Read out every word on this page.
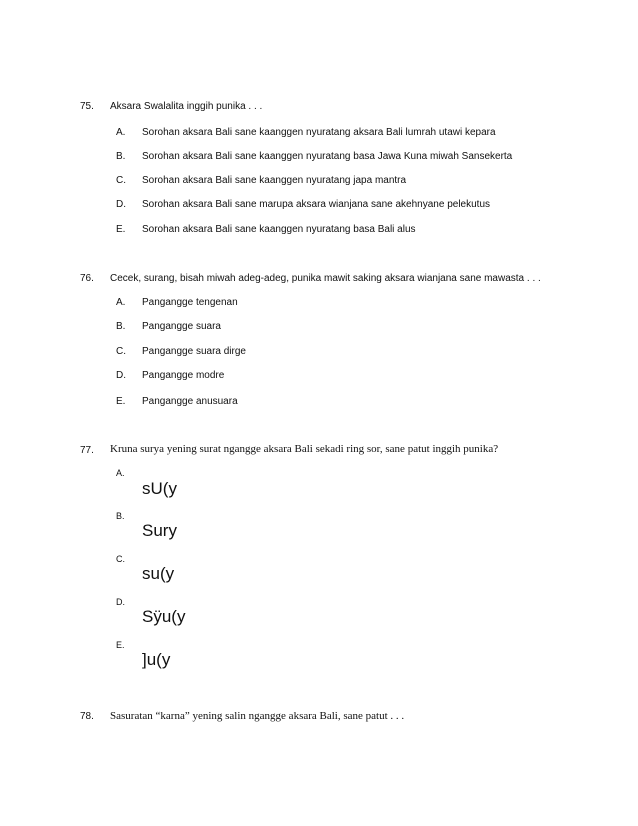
75. Aksara Swalalita inggih punika . . .
A. Sorohan aksara Bali sane kaanggen nyuratang aksara Bali lumrah utawi kepara
B. Sorohan aksara Bali sane kaanggen nyuratang basa Jawa Kuna miwah Sansekerta
C. Sorohan aksara Bali sane kaanggen nyuratang japa mantra
D. Sorohan aksara Bali sane marupa aksara wianjana sane akehnyane pelekutus
E. Sorohan aksara Bali sane kaanggen nyuratang basa Bali alus
76. Cecek, surang, bisah miwah adeg-adeg, punika mawit saking aksara wianjana sane mawasta . . .
A. Pangangge tengenan
B. Pangangge suara
C. Pangangge suara dirge
D. Pangangge modre
E. Pangangge anusuara
77. Kruna surya yening surat ngangge aksara Bali sekadi ring sor, sane patut inggih punika?
A.
sU(y
B.
Sury
C.
su(y
D.
Sÿu(y
E.
]u(y
78. Sasuratan “karna” yening salin ngangge aksara Bali, sane patut . . .
